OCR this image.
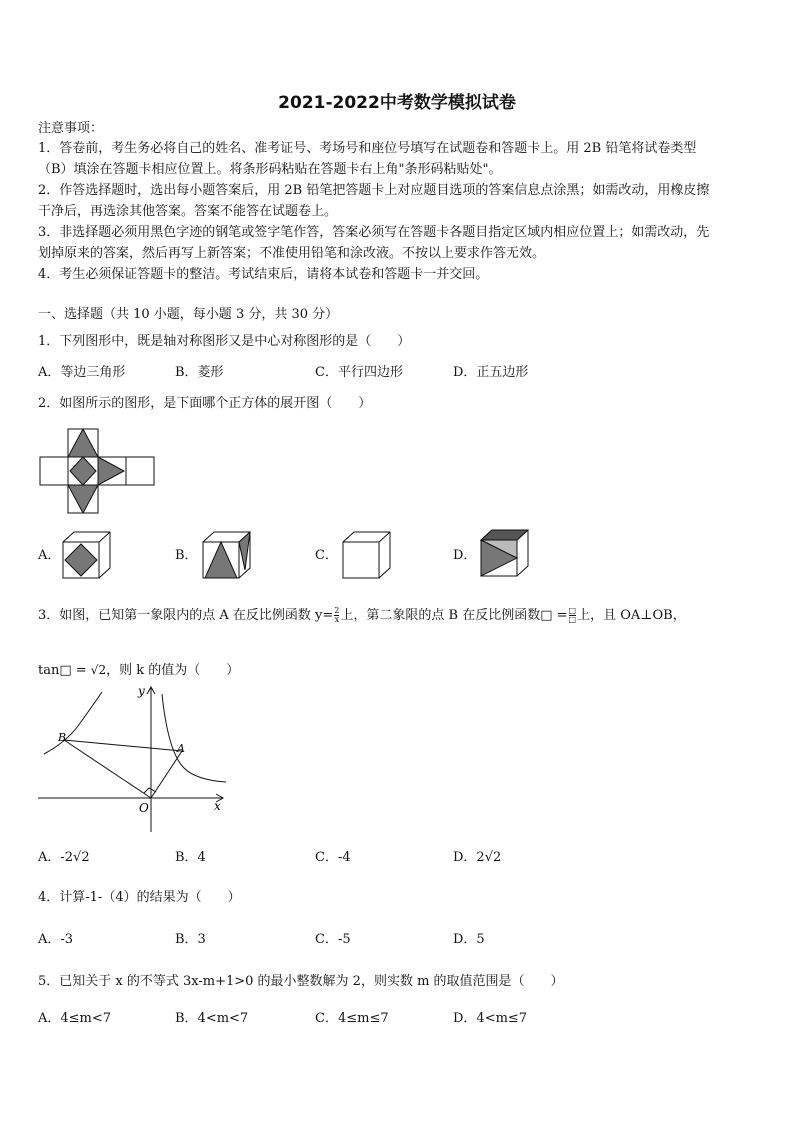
2021-2022中考数学模拟试卷
注意事项：
1．答卷前，考生务必将自己的姓名、准考证号、考场号和座位号填写在试题卷和答题卡上。用 2B 铅笔将试卷类型
（B）填涂在答题卡相应位置上。将条形码粘贴在答题卡右上角"条形码粘贴处"。
2．作答选择题时，选出每小题答案后，用 2B 铅笔把答题卡上对应题目选项的答案信息点涂黑；如需改动，用橡皮擦
干净后，再选涂其他答案。答案不能答在试题卷上。
3．非选择题必须用黑色字迹的钢笔或签字笔作答，答案必须写在答题卡各题目指定区域内相应位置上；如需改动，先
划掉原来的答案，然后再写上新答案；不准使用铅笔和涂改液。不按以上要求作答无效。
4．考生必须保证答题卡的整洁。考试结束后，请将本试卷和答题卡一并交回。
一、选择题（共 10 小题，每小题 3 分，共 30 分）
1．下列图形中，既是轴对称图形又是中心对称图形的是（　　）
A．等边三角形	B．菱形	C．平行四边形	D．正五边形
2．如图所示的图形，是下面哪个正方体的展开图（　　）
A．	B．	C．	D．
3．如图，已知第一象限内的点 A 在反比例函数 $y= \frac{2}{x}$ 上，第二象限的点 B 在反比例函数□ = $\frac{□}{□}$ 上，且 OA⊥OB，
tan□ = √2，则 k 的值为（　　）
y
x
O
A
B
A．-2√2	B．4	C．-4	D．2√2
4．计算-1-（4）的结果为（　　）
A．-3	B．3	C．-5	D．5
5．已知关于 x 的不等式 3x-m+1>0 的最小整数解为 2，则实数 m 的取值范围是（　　）
A．4≤m<7	B．4<m<7	C．4≤m≤7	D．4<m≤7
